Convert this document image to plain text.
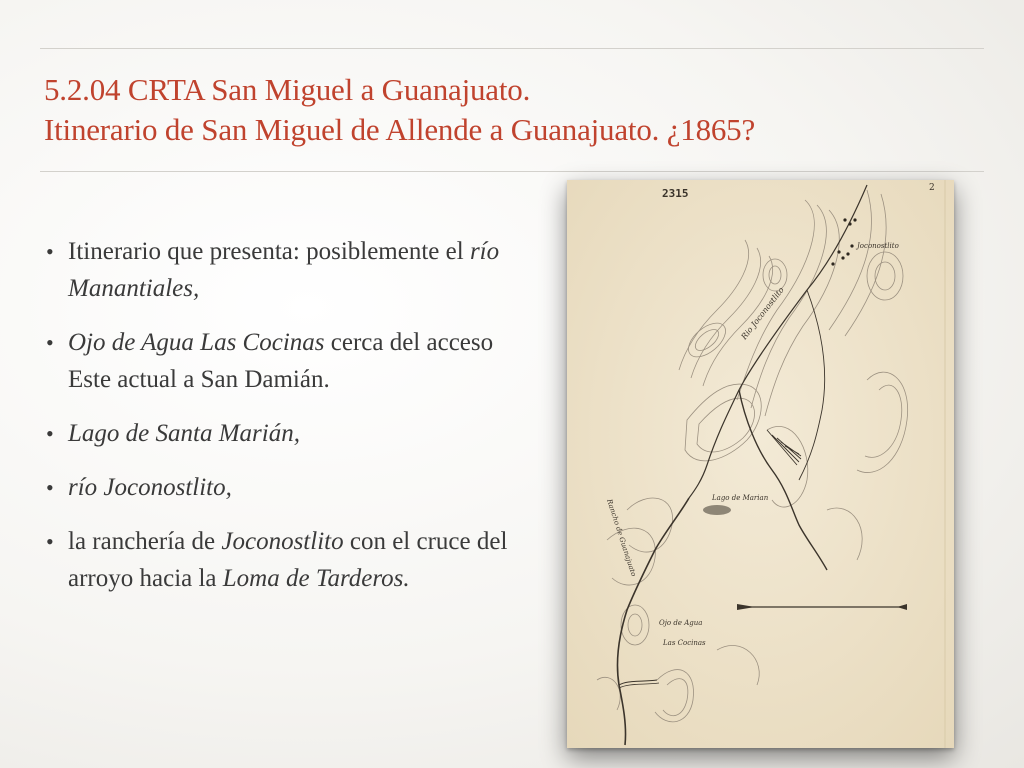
5.2.04 CRTA San Miguel a Guanajuato.
Itinerario de San Miguel de Allende a Guanajuato. ¿1865?
• Itinerario que presenta: posiblemente el río Manantiales,
• Ojo de Agua Las Cocinas cerca del acceso Este actual a San Damián.
• Lago de Santa Marián,
• río Joconostlito,
• la ranchería de Joconostlito con el cruce del arroyo hacia la Loma de Tarderos.
2315	2
Rio Joconostlito
Joconostlito
Lago de Marian
Rancho de Guanajuato
Ojo de Agua
Las Cocinas
